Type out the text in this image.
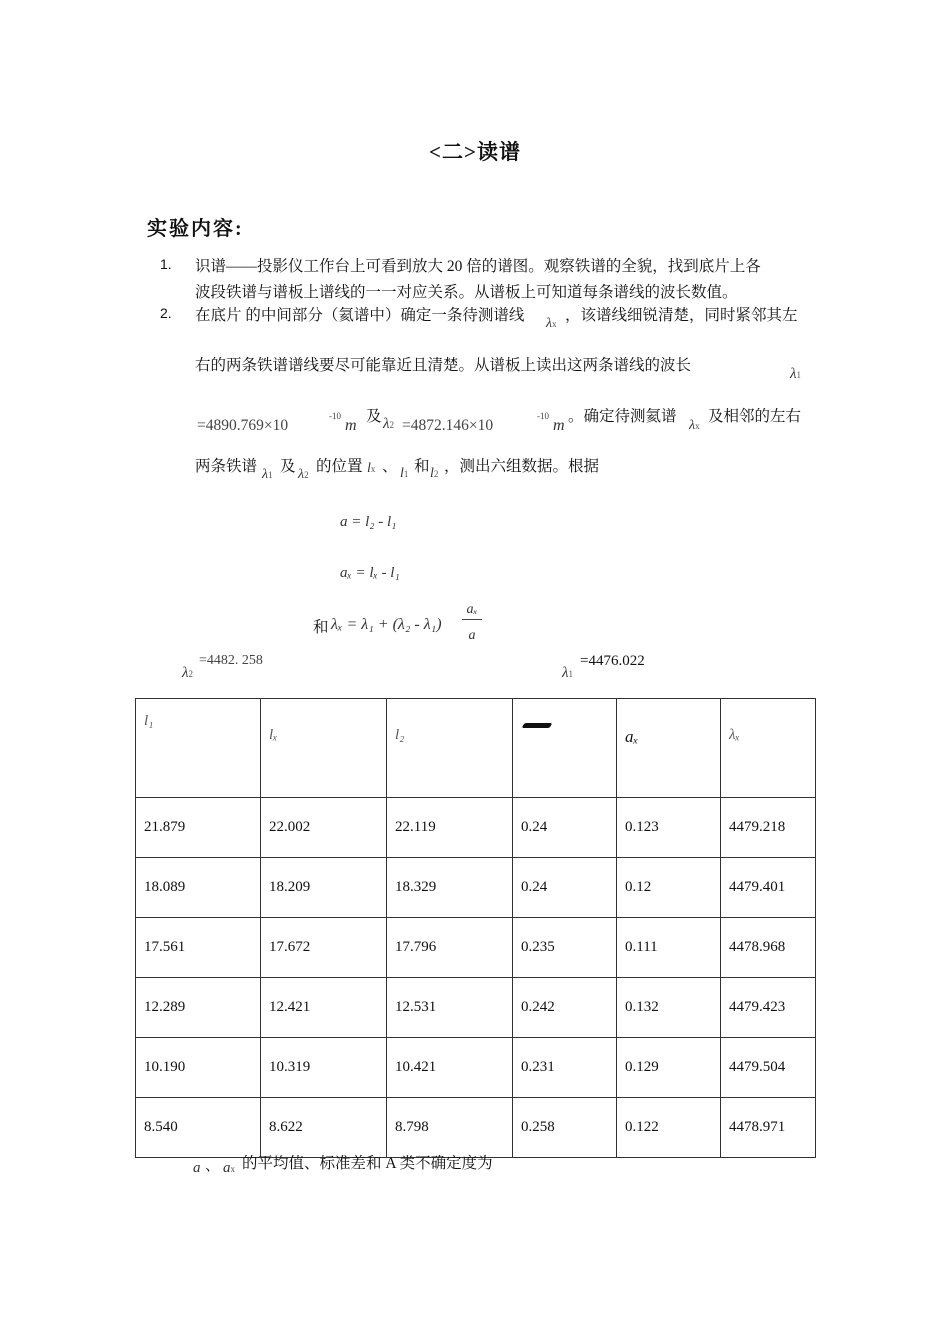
<二>读谱
实验内容:
1. 识谱——投影仪工作台上可看到放大 20 倍的谱图。观察铁谱的全貌，找到底片上各
波段铁谱与谱板上谱线的一一对应关系。从谱板上可知道每条谱线的波长数值。
2. 在底片 的中间部分（氦谱中）确定一条待测谱线 λx ，该谱线细锐清楚，同时紧邻其左
右的两条铁谱谱线要尽可能靠近且清楚。从谱板上读出这两条谱线的波长	λ1
=4890.769×10
-10
m
及 λ2 =4872.146×10
-10
m
。确定待测氦谱
λx
及相邻的左右
两条铁谱 λ1 及 λ2 的位置 lx 、 l1 和 l2 ，测出六组数据。根据
a = l₂ - l₁
aₓ = lₓ - l₁
和 λₓ = λ₁ + (λ₂ - λ₁)
aₓ
a
λ2
=4482. 258
λ1
=4476.022
l₁	lₓ	l₂		aₓ	λₓ
21.879	22.002	22.119	0.24	0.123	4479.218
18.089	18.209	18.329	0.24	0.12	4479.401
17.561	17.672	17.796	0.235	0.111	4478.968
12.289	12.421	12.531	0.242	0.132	4479.423
10.190	10.319	10.421	0.231	0.129	4479.504
8.540	8.622	8.798	0.258	0.122	4478.971
a 、 ax 的平均值、标准差和 A 类不确定度为
